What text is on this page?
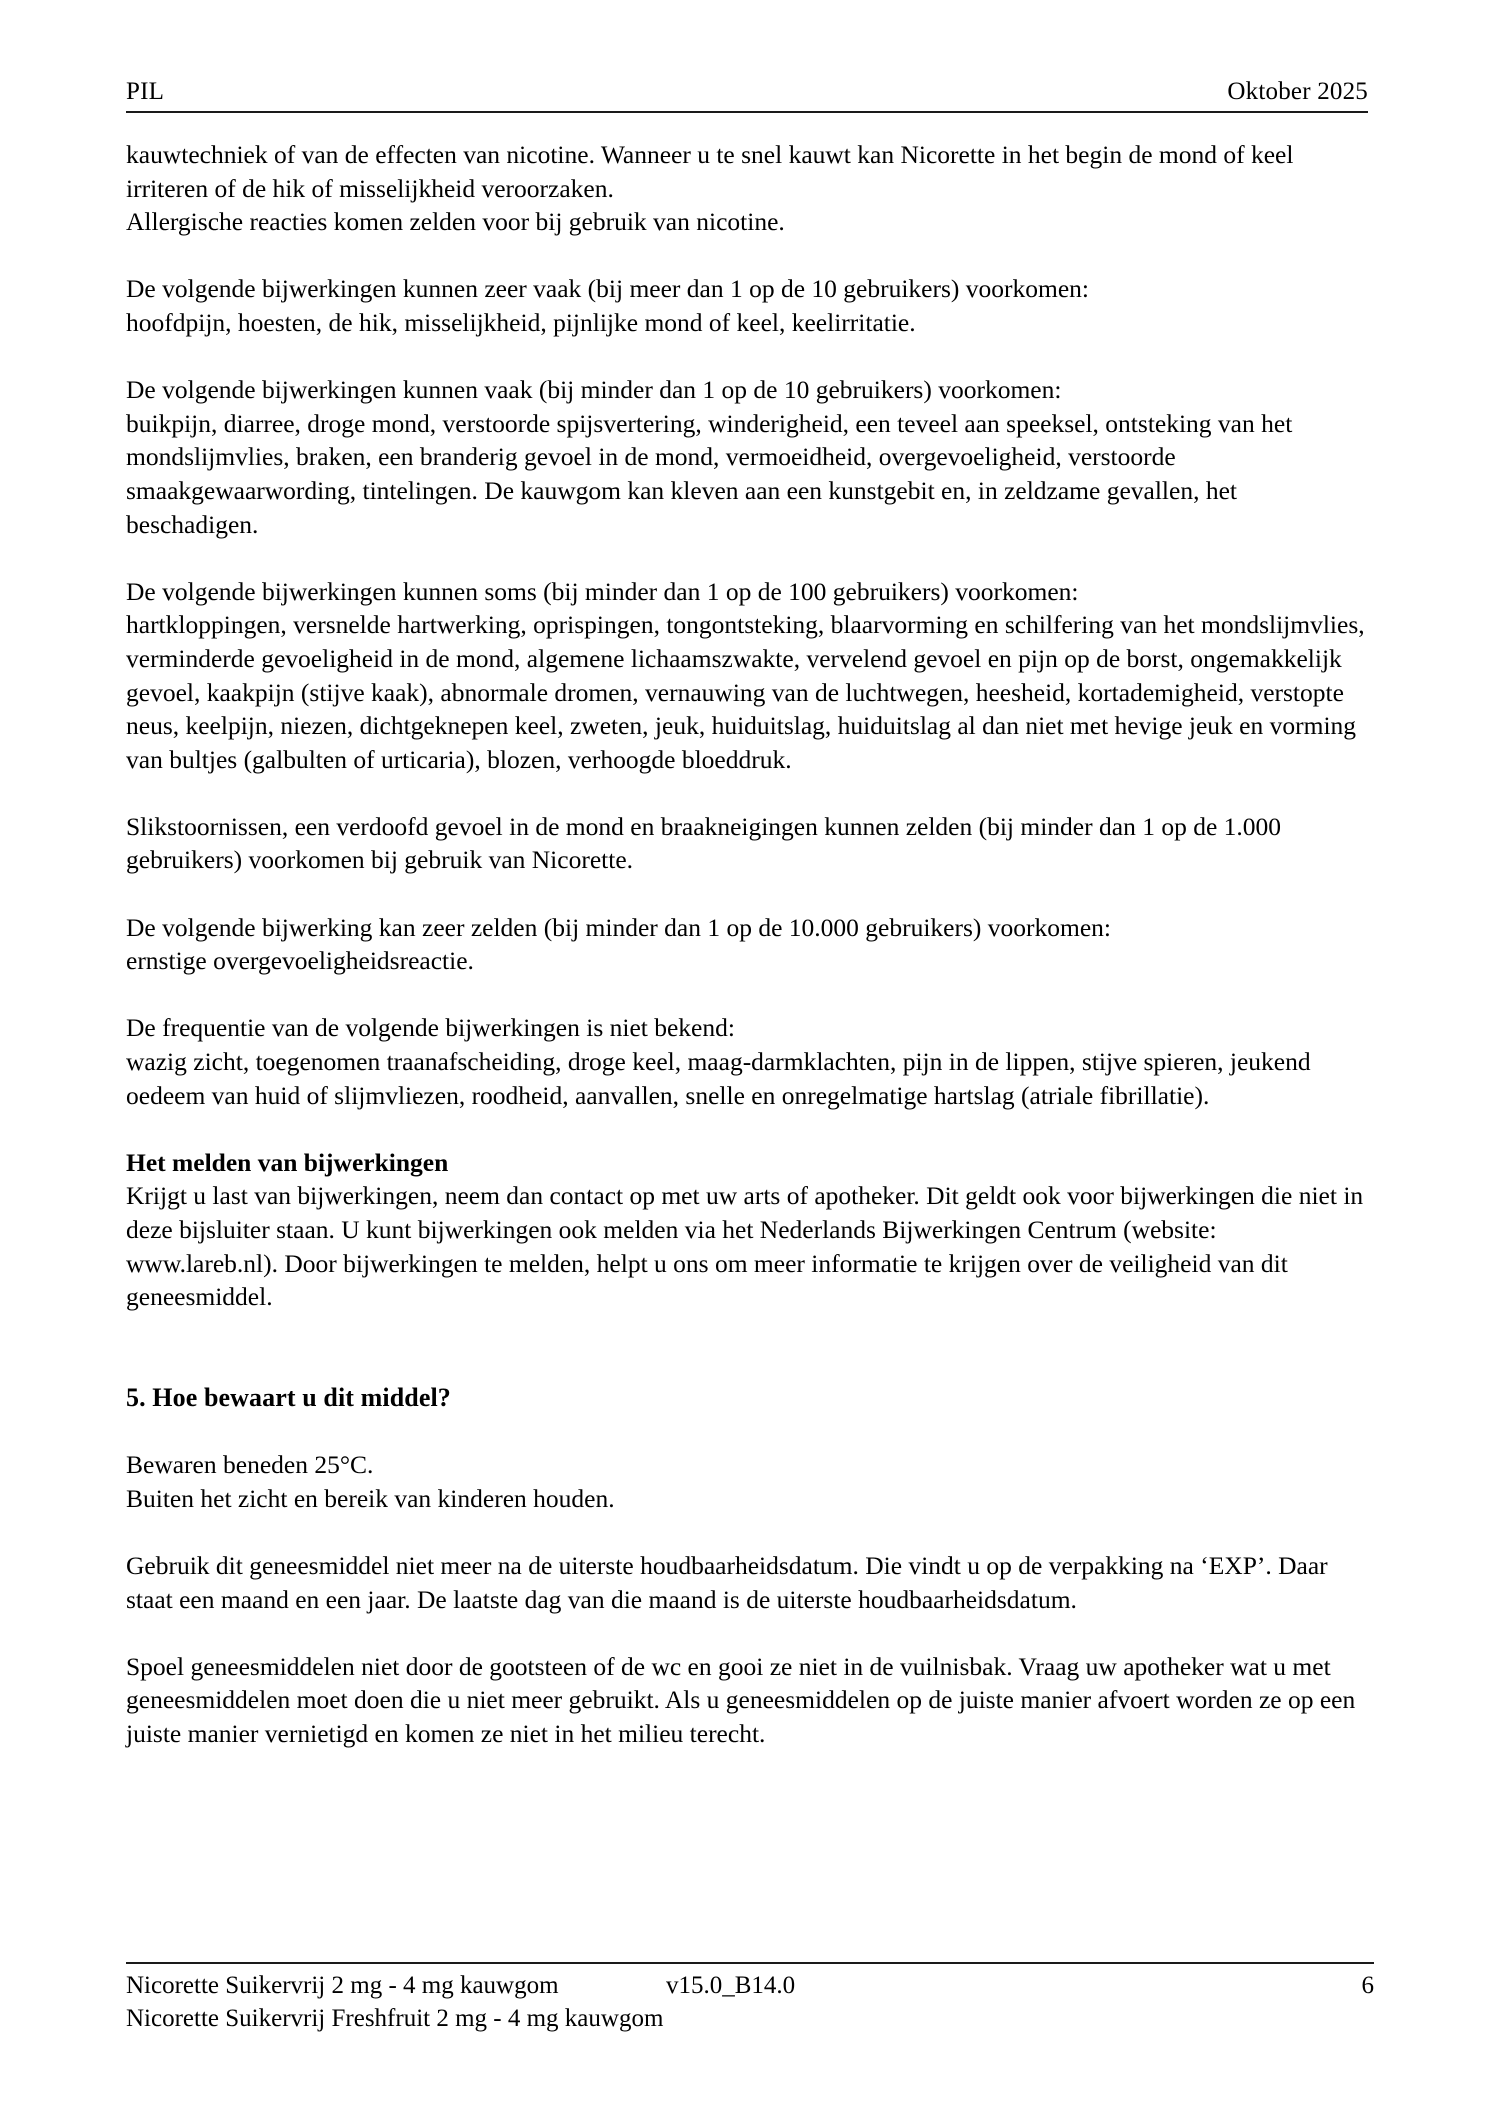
PIL	Oktober 2025

kauwtechniek of van de effecten van nicotine. Wanneer u te snel kauwt kan Nicorette in het begin de mond of keel irriteren of de hik of misselijkheid veroorzaken.

Allergische reacties komen zelden voor bij gebruik van nicotine.

De volgende bijwerkingen kunnen zeer vaak (bij meer dan 1 op de 10 gebruikers) voorkomen:

hoofdpijn, hoesten, de hik, misselijkheid, pijnlijke mond of keel, keelirritatie.

De volgende bijwerkingen kunnen vaak (bij minder dan 1 op de 10 gebruikers) voorkomen:

buikpijn, diarree, droge mond, verstoorde spijsvertering, winderigheid, een teveel aan speeksel, ontsteking van het mondslijmvlies, braken, een branderig gevoel in de mond, vermoeidheid, overgevoeligheid, verstoorde smaakgewaarwording, tintelingen. De kauwgom kan kleven aan een kunstgebit en, in zeldzame gevallen, het beschadigen.

De volgende bijwerkingen kunnen soms (bij minder dan 1 op de 100 gebruikers) voorkomen:

hartkloppingen, versnelde hartwerking, oprispingen, tongontsteking, blaarvorming en schilfering van het mondslijmvlies, verminderde gevoeligheid in de mond, algemene lichaamszwakte, vervelend gevoel en pijn op de borst, ongemakkelijk gevoel, kaakpijn (stijve kaak), abnormale dromen, vernauwing van de luchtwegen, heesheid, kortademigheid, verstopte neus, keelpijn, niezen, dichtgeknepen keel, zweten, jeuk, huiduitslag, huiduitslag al dan niet met hevige jeuk en vorming van bultjes (galbulten of urticaria), blozen, verhoogde bloeddruk.

Slikstoornissen, een verdoofd gevoel in de mond en braakneigingen kunnen zelden (bij minder dan 1 op de 1.000 gebruikers) voorkomen bij gebruik van Nicorette.

De volgende bijwerking kan zeer zelden (bij minder dan 1 op de 10.000 gebruikers) voorkomen:

ernstige overgevoeligheidsreactie.

De frequentie van de volgende bijwerkingen is niet bekend:

wazig zicht, toegenomen traanafscheiding, droge keel, maag-darmklachten, pijn in de lippen, stijve spieren, jeukend oedeem van huid of slijmvliezen, roodheid, aanvallen, snelle en onregelmatige hartslag (atriale fibrillatie).

Het melden van bijwerkingen

Krijgt u last van bijwerkingen, neem dan contact op met uw arts of apotheker. Dit geldt ook voor bijwerkingen die niet in deze bijsluiter staan. U kunt bijwerkingen ook melden via het Nederlands Bijwerkingen Centrum (website: www.lareb.nl). Door bijwerkingen te melden, helpt u ons om meer informatie te krijgen over de veiligheid van dit geneesmiddel.

5. Hoe bewaart u dit middel?

Bewaren beneden 25°C.

Buiten het zicht en bereik van kinderen houden.

Gebruik dit geneesmiddel niet meer na de uiterste houdbaarheidsdatum. Die vindt u op de verpakking na ‘EXP’. Daar staat een maand en een jaar. De laatste dag van die maand is de uiterste houdbaarheidsdatum.

Spoel geneesmiddelen niet door de gootsteen of de wc en gooi ze niet in de vuilnisbak. Vraag uw apotheker wat u met geneesmiddelen moet doen die u niet meer gebruikt. Als u geneesmiddelen op de juiste manier afvoert worden ze op een juiste manier vernietigd en komen ze niet in het milieu terecht.

Nicorette Suikervrij 2 mg - 4 mg kauwgom	v15.0_B14.0	6
Nicorette Suikervrij Freshfruit 2 mg - 4 mg kauwgom
